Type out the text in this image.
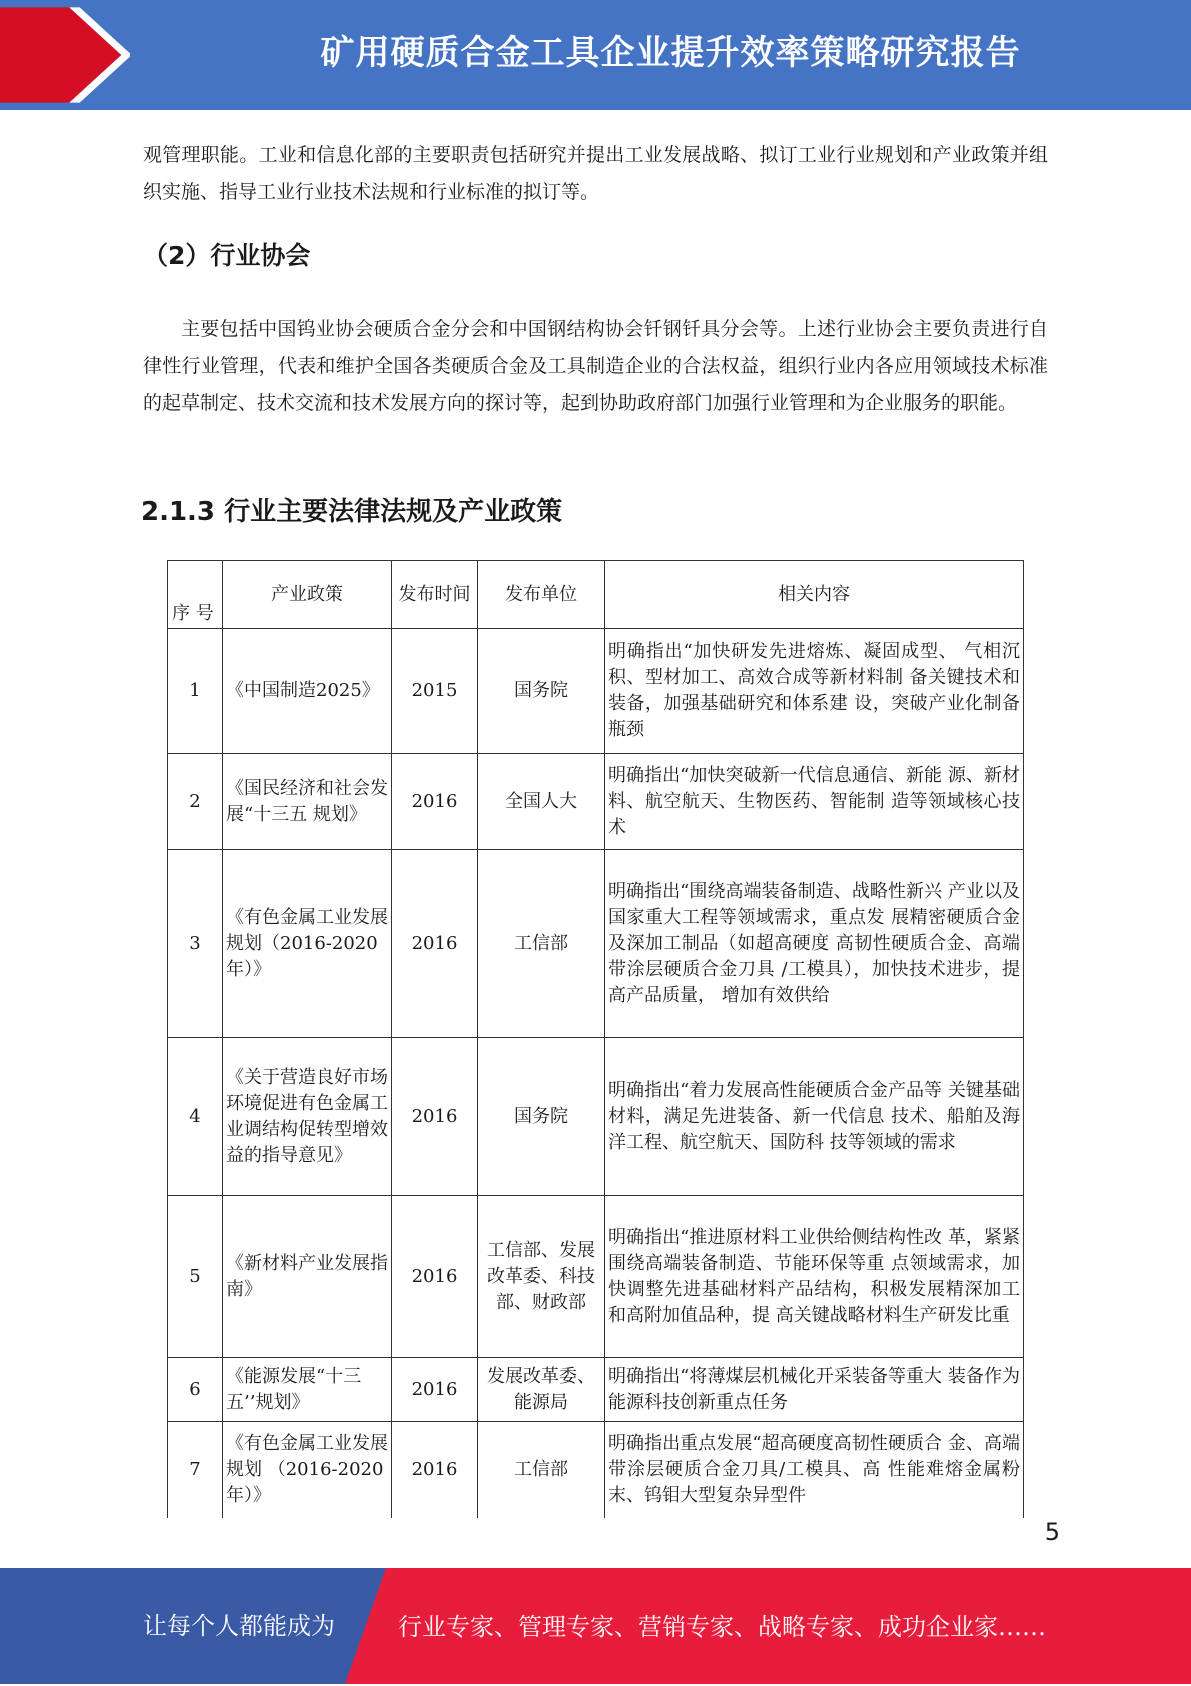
矿用硬质合金工具企业提升效率策略研究报告

观管理职能。工业和信息化部的主要职责包括研究并提出工业发展战略、拟订工业行业规划和产业政策并组织实施、指导工业行业技术法规和行业标准的拟订等。

（2）行业协会

主要包括中国钨业协会硬质合金分会和中国钢结构协会钎钢钎具分会等。上述行业协会主要负责进行自律性行业管理，代表和维护全国各类硬质合金及工具制造企业的合法权益，组织行业内各应用领域技术标准的起草制定、技术交流和技术发展方向的探讨等，起到协助政府部门加强行业管理和为企业服务的职能。

2.1.3 行业主要法律法规及产业政策
序 号	产业政策	发布时间	发布单位	相关内容
1	《中国制造2025》	2015	国务院	明确指出“加快研发先进熔炼、凝固成型、 气相沉积、型材加工、高效合成等新材料制 备关键技术和装备，加强基础研究和体系建 设，突破产业化制备瓶颈
2	《国民经济和社会发展“十三五 规划》	2016	全国人大	明确指出“加快突破新一代信息通信、新能 源、新材料、航空航天、生物医药、智能制 造等领域核心技术
3	《有色金属工业发展规划（2016-2020 年）》	2016	工信部	明确指出“围绕高端装备制造、战略性新兴 产业以及国家重大工程等领域需求，重点发 展精密硬质合金及深加工制品（如超高硬度 高韧性硬质合金、高端带涂层硬质合金刀具 /工模具），加快技术进步，提高产品质量， 增加有效供给
4	《关于营造良好市场环境促进有色金属工业调结构促转型增效益的指导意见》	2016	国务院	明确指出“着力发展高性能硬质合金产品等 关键基础材料，满足先进装备、新一代信息 技术、船舶及海洋工程、航空航天、国防科 技等领域的需求
5	《新材料产业发展指南》	2016	工信部、发展改革委、科技部、财政部	明确指出“推进原材料工业供给侧结构性改 革，紧紧围绕高端装备制造、节能环保等重 点领域需求，加快调整先进基础材料产品结构，积极发展精深加工和高附加值品种，提 高关键战略材料生产研发比重
6	《能源发展“十三五’’规划》	2016	发展改革委、能源局	明确指出“将薄煤层机械化开采装备等重大 装备作为能源科技创新重点任务
7	《有色金属工业发展规划 （2016-2020 年）》	2016	工信部	明确指出重点发展“超高硬度高韧性硬质合 金、高端带涂层硬质合金刀具/工模具、高 性能难熔金属粉末、钨钼大型复杂异型件
5
让每个人都能成为	行业专家、管理专家、营销专家、战略专家、成功企业家……
